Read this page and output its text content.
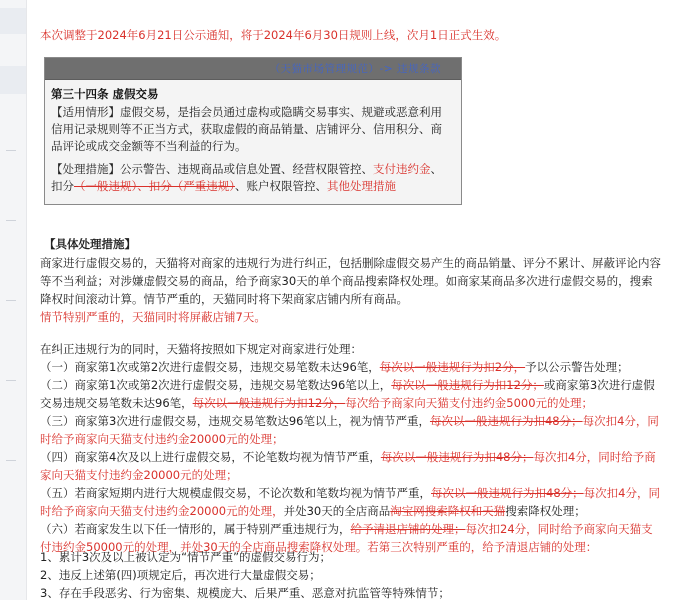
本次调整于2024年6月21日公示通知，将于2024年6月30日规则上线，次月1日正式生效。
（天猫市场管理规范）-> 违规条款
第三十四条 虚假交易

【适用情形】虚假交易，是指会员通过虚构或隐瞒交易事实、规避或恶意利用信用记录规则等不正当方式，获取虚假的商品销量、店铺评分、信用积分、商品评论或成交金额等不当利益的行为。

【处理措施】公示警告、违规商品或信息处置、经营权限管控、支付违约金、扣分（一般违规）、扣分（严重违规）、账户权限管控、其他处理措施

【具体处理措施】
商家进行虚假交易的，天猫将对商家的违规行为进行纠正，包括删除虚假交易产生的商品销量、评分不累计、屏蔽评论内容等不当利益；对涉嫌虚假交易的商品，给予商家30天的单个商品搜索降权处理。如商家某商品多次进行虚假交易的，搜索降权时间滚动计算。情节严重的，天猫同时将下架商家店铺内所有商品。
情节特别严重的，天猫同时将屏蔽店铺7天。
在纠正违规行为的同时，天猫将按照如下规定对商家进行处理：
（一）商家第1次或第2次进行虚假交易，违规交易笔数未达96笔，每次以一般违规行为扣2分，予以公示警告处理；
（二）商家第1次或第2次进行虚假交易，违规交易笔数达96笔以上，每次以一般违规行为扣12分；或商家第3次进行虚假交易违规交易笔数未达96笔，每次以一般违规行为扣12分，每次给予商家向天猫支付违约金5000元的处理；
（三）商家第3次进行虚假交易，违规交易笔数达96笔以上，视为情节严重，每次以一般违规行为扣48分；每次扣4分，同时给予商家向天猫支付违约金20000元的处理；
（四）商家第4次及以上进行虚假交易，不论笔数均视为情节严重，每次以一般违规行为扣48分；每次扣4分，同时给予商家向天猫支付违约金20000元的处理；
（五）若商家短期内进行大规模虚假交易，不论次数和笔数均视为情节严重，每次以一般违规行为扣48分；每次扣4分，同时给予商家向天猫支付违约金20000元的处理，并处30天的全店商品淘宝网搜索降权和天猫搜索降权处理；
（六）若商家发生以下任一情形的，属于特别严重违规行为，给予清退店铺的处理；每次扣24分，同时给予商家向天猫支付违约金50000元的处理，并处30天的全店商品搜索降权处理。若第三次特别严重的，给予清退店铺的处理：
1、累计3次及以上被认定为“情节严重”的虚假交易行为；
2、违反上述第(四)项规定后，再次进行大量虚假交易；
3、存在手段恶劣、行为密集、规模庞大、后果严重、恶意对抗监管等特殊情节；
